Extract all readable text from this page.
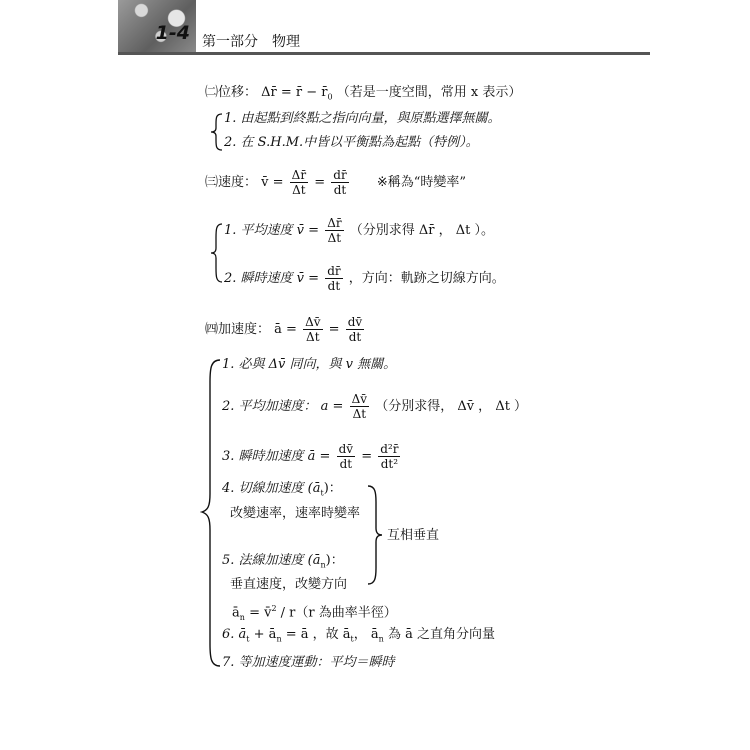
1-4 第一部分　物理
㈡位移： Δr̄ = r̄ − $r̄_0$ （若是一度空間，常用 x 表示）
1. 由起點到終點之指向向量，與原點選擇無關。
2. 在 S.H.M.中皆以平衡點為起點（特例）。
㈢速度： v̄ = $\frac{\Delta r̄}{\Delta t} = \frac{dr̄}{dt}$ ※稱為“時變率”
1. 平均速度 v̄ = $\frac{\Delta r̄}{\Delta t}$ （分別求得 Δr̄ ， Δt ）。
2. 瞬時速度 v̄ = $\frac{dr̄}{dt}$ ，方向：軌跡之切線方向。
㈣加速度： ā = $\frac{\Delta v̄}{\Delta t} = \frac{dv̄}{dt}$
1. 必與 Δv̄ 同向，與 v 無關。
2. 平均加速度： $a = \frac{\Delta v̄}{\Delta t}$ （分別求得， Δv̄ ， Δt ）
3. 瞬時加速度 ā = $\frac{dv̄}{dt} = \frac{\text{d²r̄}}{\text{dt²}}$
4. 切線加速度 $(ā_t)$：
改變速率，速率時變率
5. 法線加速度 $(ā_n)$：
垂直速度，改變方向
互相垂直
$ā_n$ = v̄$^2$ / r（r 為曲率半徑）
6. $ā_t$ + $ā_n$ = ā ，故 $ā_t$， $ā_n$ 為 ā 之直角分向量
7. 等加速度運動：平均＝瞬時
